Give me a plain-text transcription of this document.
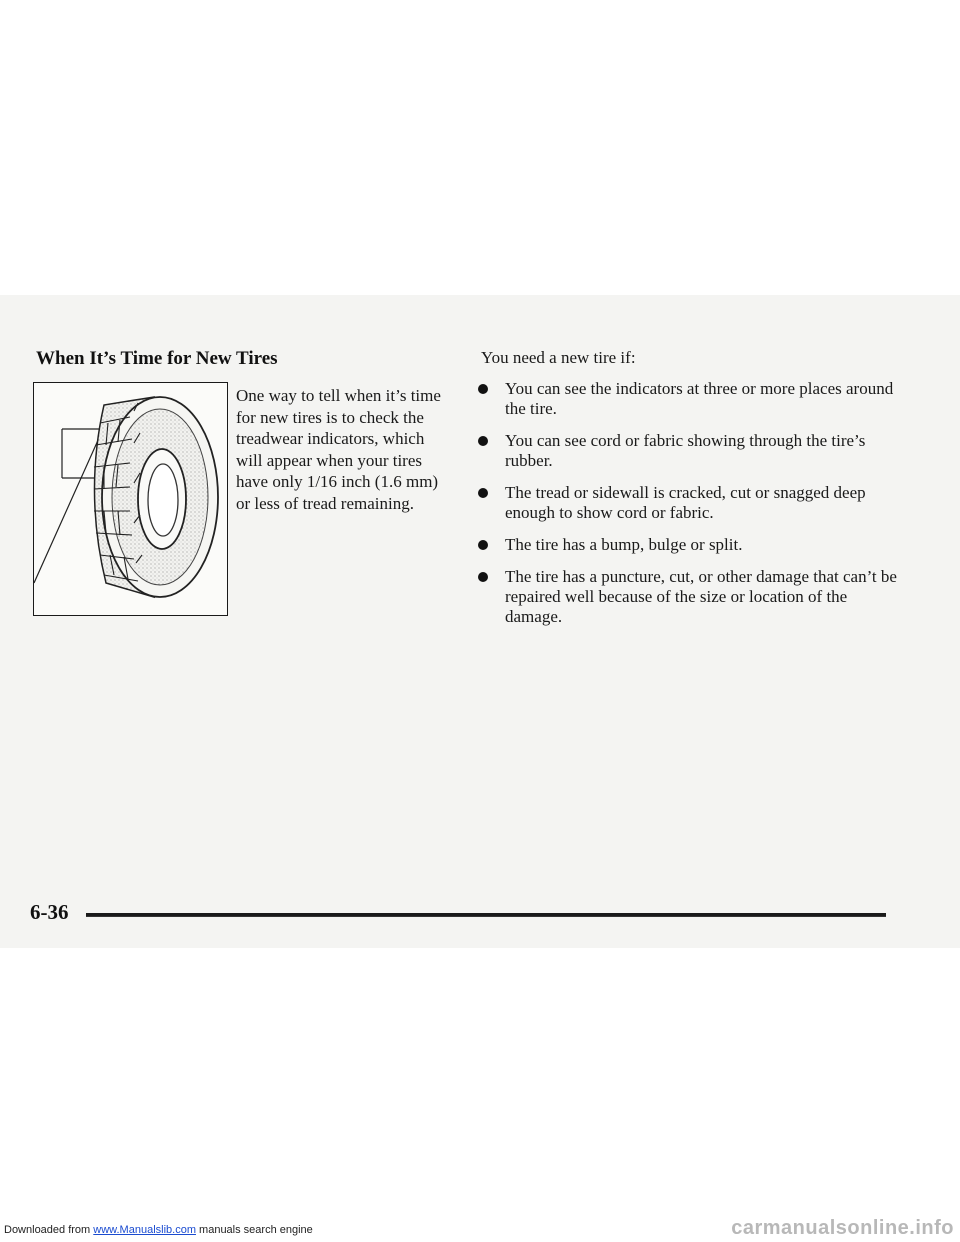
When It’s Time for New Tires

One way to tell when it’s time for new tires is to check the treadwear indicators, which will appear when your tires have only 1/16 inch (1.6 mm) or less of tread remaining.

You need a new tire if:

You can see the indicators at three or more places around the tire.
You can see cord or fabric showing through the tire’s rubber.
The tread or sidewall is cracked, cut or snagged deep enough to show cord or fabric.
The tire has a bump, bulge or split.
The tire has a puncture, cut, or other damage that can’t be repaired well because of the size or location of the damage.

6-36

Downloaded from www.Manualslib.com manuals search engine	carmanualsonline.info
